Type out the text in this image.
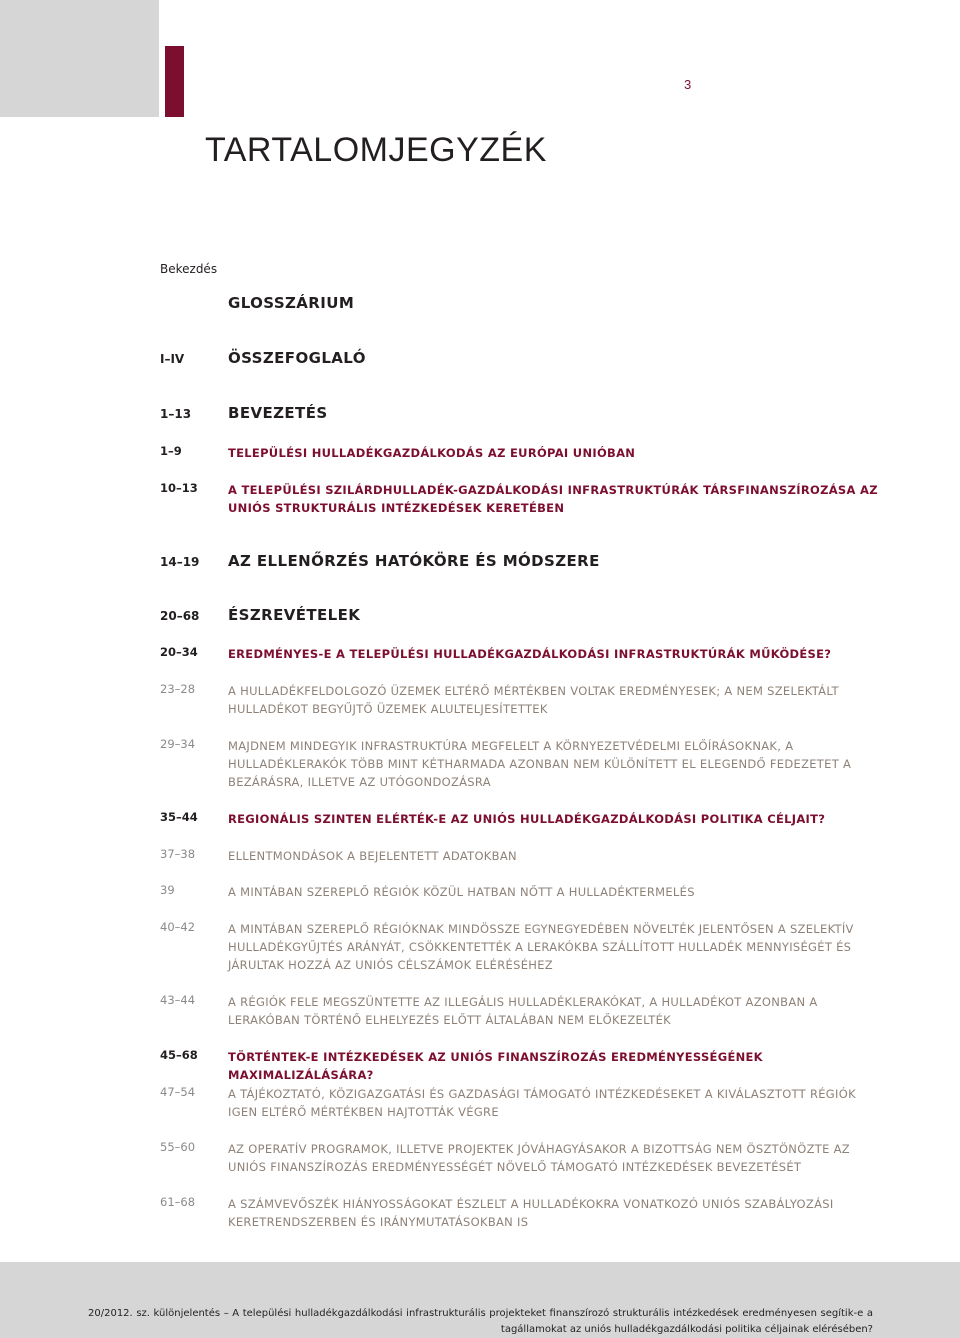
3
TARTALOMJEGYZÉK
Bekezdés
GLOSSZÁRIUM
I–IV	ÖSSZEFOGLALÓ
1–13	BEVEZETÉS
1–9	TELEPÜLÉSI HULLADÉKGAZDÁLKODÁS AZ EURÓPAI UNIÓBAN
10–13	A TELEPÜLÉSI SZILÁRDHULLADÉK-GAZDÁLKODÁSI INFRASTRUKTÚRÁK TÁRSFINANSZÍROZÁSA AZ UNIÓS STRUKTURÁLIS INTÉZKEDÉSEK KERETÉBEN
14–19	AZ ELLENŐRZÉS HATÓKÖRE ÉS MÓDSZERE
20–68	ÉSZREVÉTELEK
20–34	EREDMÉNYES-E A TELEPÜLÉSI HULLADÉKGAZDÁLKODÁSI INFRASTRUKTÚRÁK MŰKÖDÉSE?
23–28	A HULLADÉKFELDOLGOZÓ ÜZEMEK ELTÉRŐ MÉRTÉKBEN VOLTAK EREDMÉNYESEK; A NEM SZELEKTÁLT HULLADÉKOT BEGYŰJTŐ ÜZEMEK ALULTELJESÍTETTEK
29–34	MAJDNEM MINDEGYIK INFRASTRUKTÚRA MEGFELELT A KÖRNYEZETVÉDELMI ELŐÍRÁSOKNAK, A HULLADÉKLERAKÓK TÖBB MINT KÉTHARMADA AZONBAN NEM KÜLÖNÍTETT EL ELEGENDŐ FEDEZETET A BEZÁRÁSRA, ILLETVE AZ UTÓGONDOZÁSRA
35–44	REGIONÁLIS SZINTEN ELÉRTÉK-E AZ UNIÓS HULLADÉKGAZDÁLKODÁSI POLITIKA CÉLJAIT?
37–38	ELLENTMONDÁSOK A BEJELENTETT ADATOKBAN
39	A MINTÁBAN SZEREPLŐ RÉGIÓK KÖZÜL HATBAN NŐTT A HULLADÉKTERMELÉS
40–42	A MINTÁBAN SZEREPLŐ RÉGIÓKNAK MINDÖSSZE EGYNEGYEDÉBEN NÖVELTÉK JELENTŐSEN A SZELEKTÍV HULLADÉKGYŰJTÉS ARÁNYÁT, CSÖKKENTETTÉK A LERAKÓKBA SZÁLLÍTOTT HULLADÉK MENNYISÉGÉT ÉS JÁRULTAK HOZZÁ AZ UNIÓS CÉLSZÁMOK ELÉRÉSÉHEZ
43–44	A RÉGIÓK FELE MEGSZÜNTETTE AZ ILLEGÁLIS HULLADÉKLERAKÓKAT, A HULLADÉKOT AZONBAN A LERAKÓBAN TÖRTÉNŐ ELHELYEZÉS ELŐTT ÁLTALÁBAN NEM ELŐKEZELTÉK
45–68	TÖRTÉNTEK-E INTÉZKEDÉSEK AZ UNIÓS FINANSZÍROZÁS EREDMÉNYESSÉGÉNEK MAXIMALIZÁLÁSÁRA?
47–54	A TÁJÉKOZTATÓ, KÖZIGAZGATÁSI ÉS GAZDASÁGI TÁMOGATÓ INTÉZKEDÉSEKET A KIVÁLASZTOTT RÉGIÓK IGEN ELTÉRŐ MÉRTÉKBEN HAJTOTTÁK VÉGRE
55–60	AZ OPERATÍV PROGRAMOK, ILLETVE PROJEKTEK JÓVÁHAGYÁSAKOR A BIZOTTSÁG NEM ÖSZTÖNÖZTE AZ UNIÓS FINANSZÍROZÁS EREDMÉNYESSÉGÉT NÖVELŐ TÁMOGATÓ INTÉZKEDÉSEK BEVEZETÉSÉT
61–68	A SZÁMVEVŐSZÉK HIÁNYOSSÁGOKAT ÉSZLELT A HULLADÉKOKRA VONATKOZÓ UNIÓS SZABÁLYOZÁSI KERETRENDSZERBEN ÉS IRÁNYMUTATÁSOKBAN IS
20/2012. sz. különjelentés – A települési hulladékgazdálkodási infrastrukturális projekteket finanszírozó strukturális intézkedések eredményesen segítik-e a tagállamokat az uniós hulladékgazdálkodási politika céljainak elérésében?
